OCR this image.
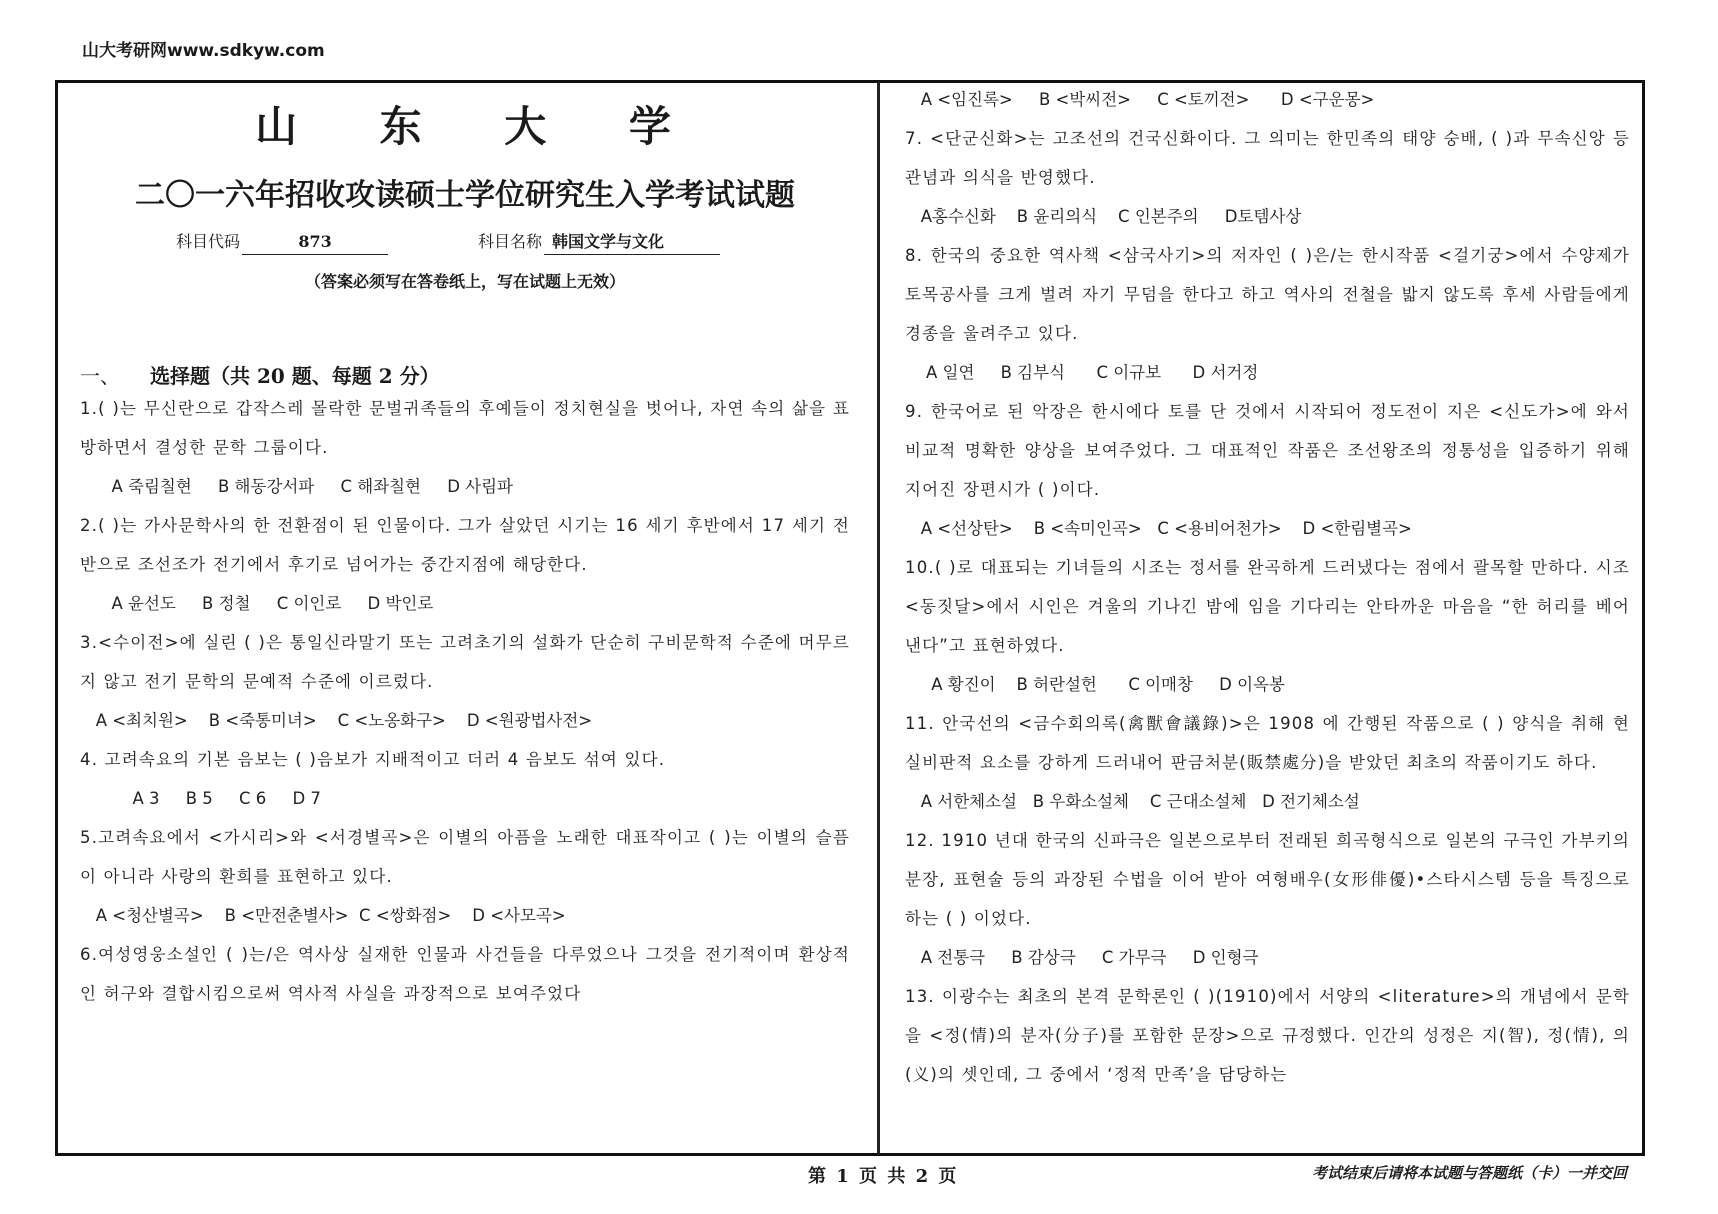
山大考研网www.sdkyw.com
山 东 大 学
二〇一六年招收攻读硕士学位研究生入学考试试题
科目代码	873	科目名称 韩国文学与文化
（答案必须写在答卷纸上，写在试题上无效）
一、	选择题（共 20 题、每题 2 分）

1.( )는 무신란으로 갑작스레 몰락한 문벌귀족들의 후예들이 정치현실을 벗어나, 자연 속의 삶을 표방하면서 결성한 문학 그룹이다.

A 죽림칠현     B 해동강서파     C 해좌칠현     D 사림파

2.( )는 가사문학사의 한 전환점이 된 인물이다. 그가 살았던 시기는 16 세기 후반에서 17 세기 전반으로 조선조가 전기에서 후기로 넘어가는 중간지점에 해당한다.

A 윤선도     B 정철     C 이인로     D 박인로

3.<수이전>에 실린 ( )은 통일신라말기 또는 고려초기의 설화가 단순히 구비문학적 수준에 머무르지 않고 전기 문학의 문예적 수준에 이르렀다.

A <최치원>    B <죽통미녀>    C <노옹화구>    D <원광법사전>

4. 고려속요의 기본 음보는 ( )음보가 지배적이고 더러 4 음보도 섞여 있다.

A 3     B 5     C 6     D 7

5.고려속요에서 <가시리>와 <서경별곡>은 이별의 아픔을 노래한 대표작이고 ( )는 이별의 슬픔이 아니라 사랑의 환희를 표현하고 있다.

A <청산별곡>    B <만전춘별사>  C <쌍화점>    D <사모곡>

6.여성영웅소설인 ( )는/은 역사상 실재한 인물과 사건들을 다루었으나 그것을 전기적이며 환상적인 허구와 결합시킴으로써 역사적 사실을 과장적으로 보여주었다

A <임진록>     B <박씨전>     C <토끼전>      D <구운몽>

7. <단군신화>는 고조선의 건국신화이다. 그 의미는 한민족의 태양 숭배, ( )과 무속신앙 등 관념과 의식을 반영했다.

A홍수신화    B 윤리의식    C 인본주의     D토템사상

8. 한국의 중요한 역사책 <삼국사기>의 저자인 ( )은/는 한시작품 <걸기궁>에서 수양제가 토목공사를 크게 벌려 자기 무덤을 한다고 하고 역사의 전철을 밟지 않도록 후세 사람들에게 경종을 울려주고 있다.

A 일연     B 김부식      C 이규보      D 서거정

9. 한국어로 된 악장은 한시에다 토를 단 것에서 시작되어 정도전이 지은 <신도가>에 와서 비교적 명확한 양상을 보여주었다. 그 대표적인 작품은 조선왕조의 정통성을 입증하기 위해 지어진 장편시가 ( )이다.

A <선상탄>    B <속미인곡>   C <용비어천가>    D <한림별곡>

10.( )로 대표되는 기녀들의 시조는 정서를 완곡하게 드러냈다는 점에서 괄목할 만하다. 시조 <동짓달>에서 시인은 겨울의 기나긴 밤에 임을 기다리는 안타까운 마음을 “한 허리를 베어낸다”고 표현하였다.

A 황진이    B 허란설헌      C 이매창     D 이옥봉

11. 안국선의 <금수회의록(禽獸會議錄)>은 1908 에 간행된 작품으로 ( ) 양식을 취해 현실비판적 요소를 강하게 드러내어 판금처분(販禁處分)을 받았던 최초의 작품이기도 하다.

A 서한체소설   B 우화소설체    C 근대소설체   D 전기체소설

12. 1910 년대 한국의 신파극은 일본으로부터 전래된 희곡형식으로 일본의 구극인 가부키의 분장, 표현술 등의 과장된 수법을 이어 받아 여형배우(女形俳優)•스타시스템 등을 특징으로 하는 ( ) 이었다.

A 전통극     B 감상극     C 가무극     D 인형극

13. 이광수는 최초의 본격 문학론인 ( )(1910)에서 서양의 <literature>의 개념에서 문학을 <정(情)의 분자(分子)를 포함한 문장>으로 규정했다. 인간의 성정은 지(智), 정(情), 의(义)의 셋인데, 그 중에서 ‘정적 만족’을 담당하는

第 1 页 共 2 页	考试结束后请将本试题与答题纸（卡）一并交回
